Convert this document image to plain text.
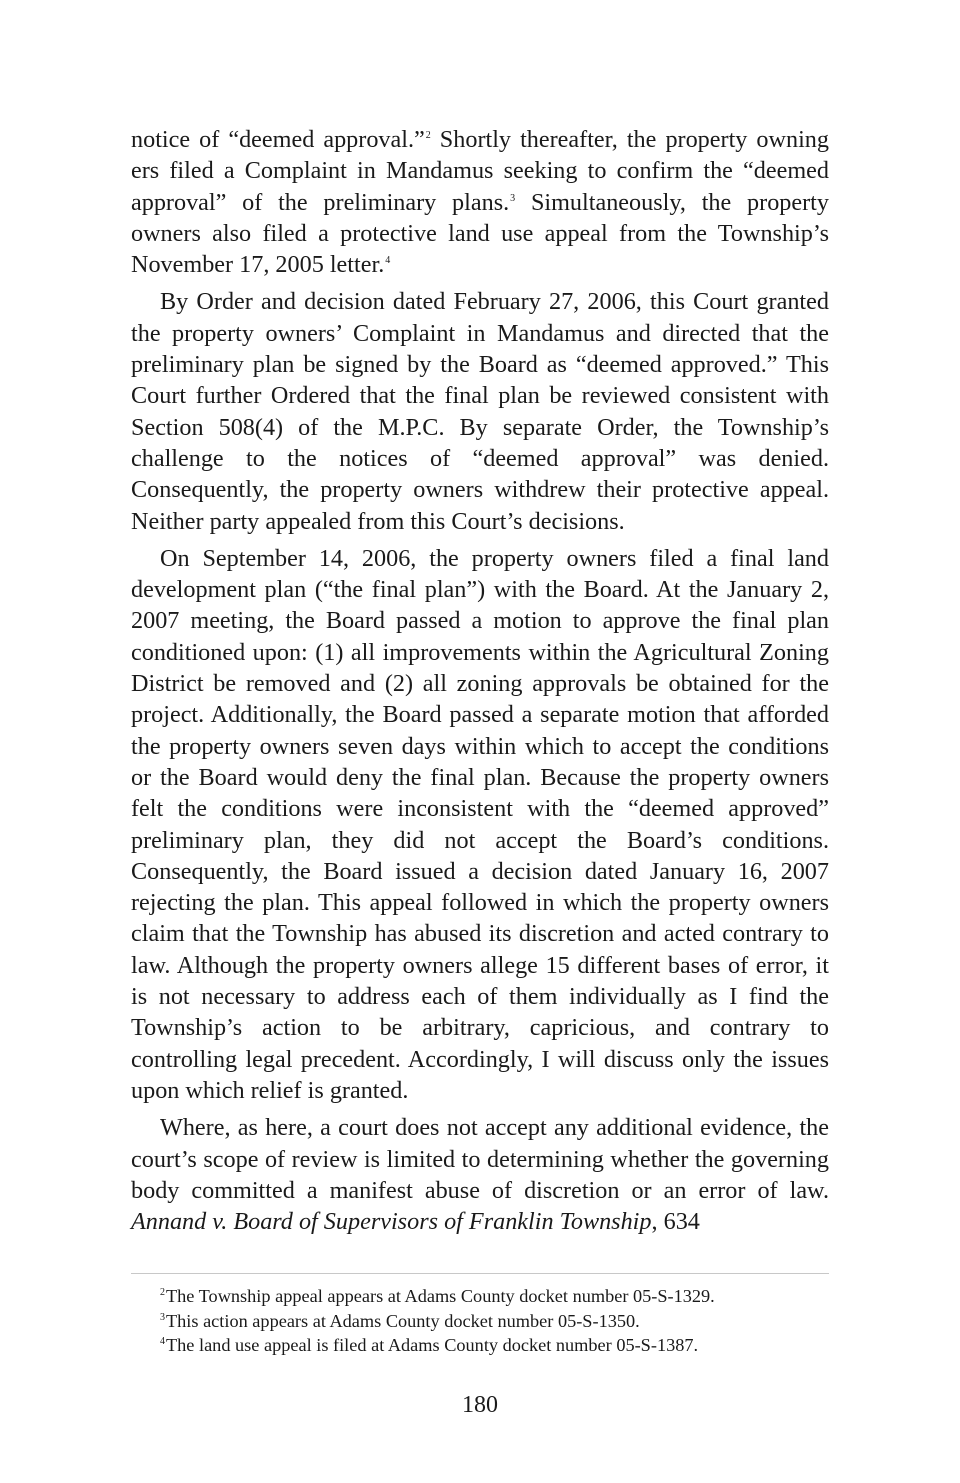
notice of “deemed approval.”$^2$ Shortly thereafter, the property owning ers filed a Complaint in Mandamus seeking to confirm the “deemed approval” of the preliminary plans.$^3$ Simultaneously, the property owners also filed a protective land use appeal from the Township’s November 17, 2005 letter.$^4$

By Order and decision dated February 27, 2006, this Court granted the property owners’ Complaint in Mandamus and directed that the preliminary plan be signed by the Board as “deemed approved.” This Court further Ordered that the final plan be reviewed consistent with Section 508(4) of the M.P.C. By separate Order, the Township’s challenge to the notices of “deemed approval” was denied. Consequently, the property owners withdrew their protective appeal. Neither party appealed from this Court’s decisions.

On September 14, 2006, the property owners filed a final land development plan (“the final plan”) with the Board. At the January 2, 2007 meeting, the Board passed a motion to approve the final plan conditioned upon: (1) all improvements within the Agricultural Zoning District be removed and (2) all zoning approvals be obtained for the project. Additionally, the Board passed a separate motion that afforded the property owners seven days within which to accept the conditions or the Board would deny the final plan. Because the property owners felt the conditions were inconsistent with the “deemed approved” preliminary plan, they did not accept the Board’s conditions. Consequently, the Board issued a decision dated January 16, 2007 rejecting the plan. This appeal followed in which the property owners claim that the Township has abused its discretion and acted contrary to law. Although the property owners allege 15 different bases of error, it is not necessary to address each of them individually as I find the Township’s action to be arbitrary, capricious, and contrary to controlling legal precedent. Accordingly, I will discuss only the issues upon which relief is granted.

Where, as here, a court does not accept any additional evidence, the court’s scope of review is limited to determining whether the governing body committed a manifest abuse of discretion or an error of law. Annand v. Board of Supervisors of Franklin Township, 634

$^2$The Township appeal appears at Adams County docket number 05-S-1329.

$^3$This action appears at Adams County docket number 05-S-1350.

$^4$The land use appeal is filed at Adams County docket number 05-S-1387.

180
